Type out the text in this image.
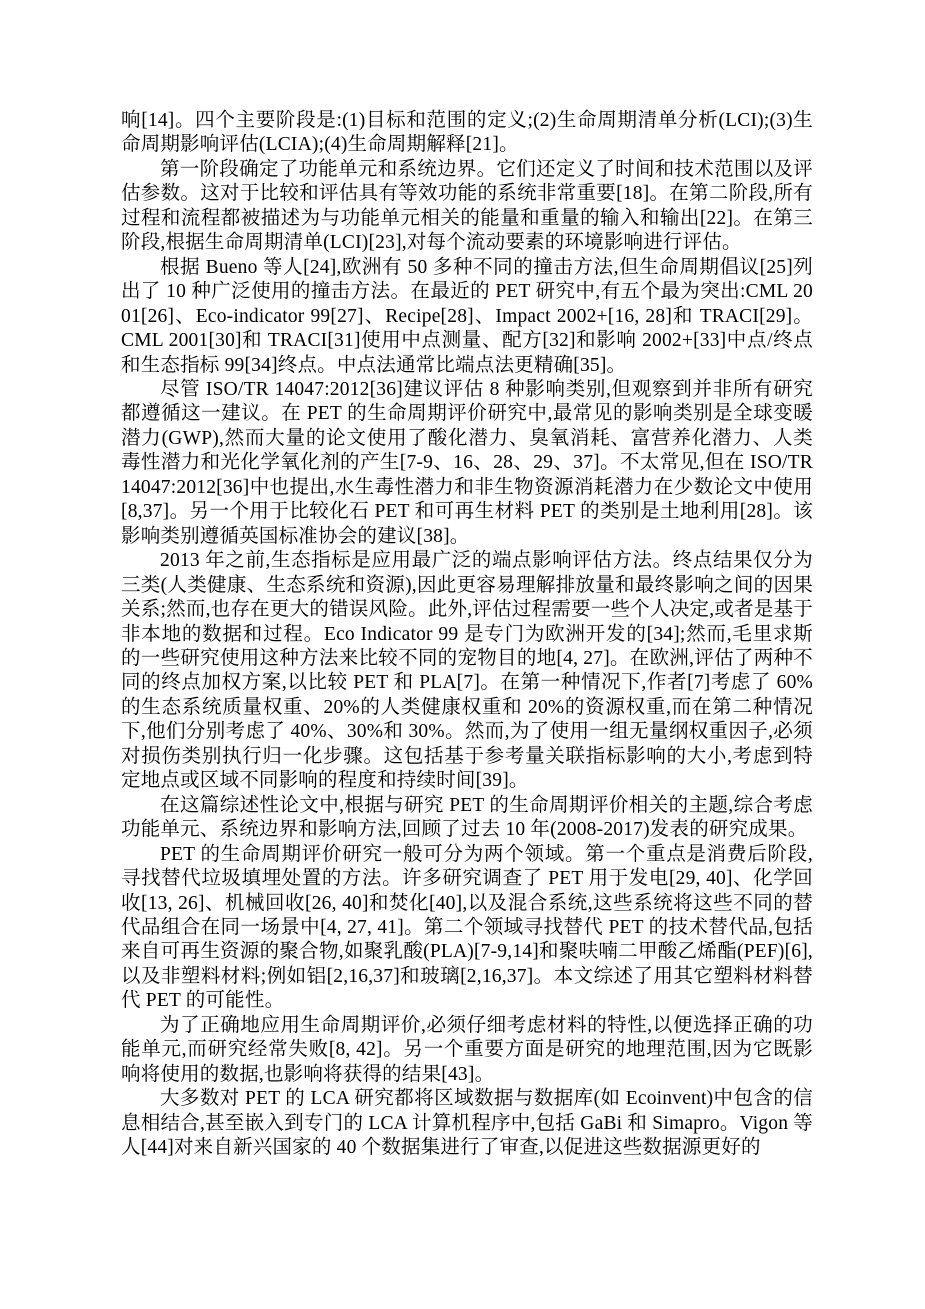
响[14]。四个主要阶段是:(1)目标和范围的定义;(2)生命周期清单分析(LCI);(3)生命周期影响评估(LCIA);(4)生命周期解释[21]。

第一阶段确定了功能单元和系统边界。它们还定义了时间和技术范围以及评估参数。这对于比较和评估具有等效功能的系统非常重要[18]。在第二阶段,所有过程和流程都被描述为与功能单元相关的能量和重量的输入和输出[22]。在第三阶段,根据生命周期清单(LCI)[23],对每个流动要素的环境影响进行评估。

根据 Bueno 等人[24],欧洲有 50 多种不同的撞击方法,但生命周期倡议[25]列出了 10 种广泛使用的撞击方法。在最近的 PET 研究中,有五个最为突出:CML 2001[26]、Eco-indicator 99[27]、Recipe[28]、Impact 2002+[16, 28]和 TRACI[29]。CML 2001[30]和 TRACI[31]使用中点测量、配方[32]和影响 2002+[33]中点/终点和生态指标 99[34]终点。中点法通常比端点法更精确[35]。

尽管 ISO/TR 14047:2012[36]建议评估 8 种影响类别,但观察到并非所有研究都遵循这一建议。在 PET 的生命周期评价研究中,最常见的影响类别是全球变暖潜力(GWP),然而大量的论文使用了酸化潜力、臭氧消耗、富营养化潜力、人类毒性潜力和光化学氧化剂的产生[7-9、16、28、29、37]。不太常见,但在 ISO/TR 14047:2012[36]中也提出,水生毒性潜力和非生物资源消耗潜力在少数论文中使用[8,37]。另一个用于比较化石 PET 和可再生材料 PET 的类别是土地利用[28]。该影响类别遵循英国标准协会的建议[38]。

2013 年之前,生态指标是应用最广泛的端点影响评估方法。终点结果仅分为三类(人类健康、生态系统和资源),因此更容易理解排放量和最终影响之间的因果关系;然而,也存在更大的错误风险。此外,评估过程需要一些个人决定,或者是基于非本地的数据和过程。Eco Indicator 99 是专门为欧洲开发的[34];然而,毛里求斯的一些研究使用这种方法来比较不同的宠物目的地[4, 27]。在欧洲,评估了两种不同的终点加权方案,以比较 PET 和 PLA[7]。在第一种情况下,作者[7]考虑了 60%的生态系统质量权重、20%的人类健康权重和 20%的资源权重,而在第二种情况下,他们分别考虑了 40%、30%和 30%。然而,为了使用一组无量纲权重因子,必须对损伤类别执行归一化步骤。这包括基于参考量关联指标影响的大小,考虑到特定地点或区域不同影响的程度和持续时间[39]。

在这篇综述性论文中,根据与研究 PET 的生命周期评价相关的主题,综合考虑功能单元、系统边界和影响方法,回顾了过去 10 年(2008-2017)发表的研究成果。

PET 的生命周期评价研究一般可分为两个领域。第一个重点是消费后阶段,寻找替代垃圾填埋处置的方法。许多研究调查了 PET 用于发电[29, 40]、化学回收[13, 26]、机械回收[26, 40]和焚化[40],以及混合系统,这些系统将这些不同的替代品组合在同一场景中[4, 27, 41]。第二个领域寻找替代 PET 的技术替代品,包括来自可再生资源的聚合物,如聚乳酸(PLA)[7-9,14]和聚呋喃二甲酸乙烯酯(PEF)[6],以及非塑料材料;例如铝[2,16,37]和玻璃[2,16,37]。本文综述了用其它塑料材料替代 PET 的可能性。

为了正确地应用生命周期评价,必须仔细考虑材料的特性,以便选择正确的功能单元,而研究经常失败[8, 42]。另一个重要方面是研究的地理范围,因为它既影响将使用的数据,也影响将获得的结果[43]。

大多数对 PET 的 LCA 研究都将区域数据与数据库(如 Ecoinvent)中包含的信息相结合,甚至嵌入到专门的 LCA 计算机程序中,包括 GaBi 和 Simapro。Vigon 等人[44]对来自新兴国家的 40 个数据集进行了审查,以促进这些数据源更好的
